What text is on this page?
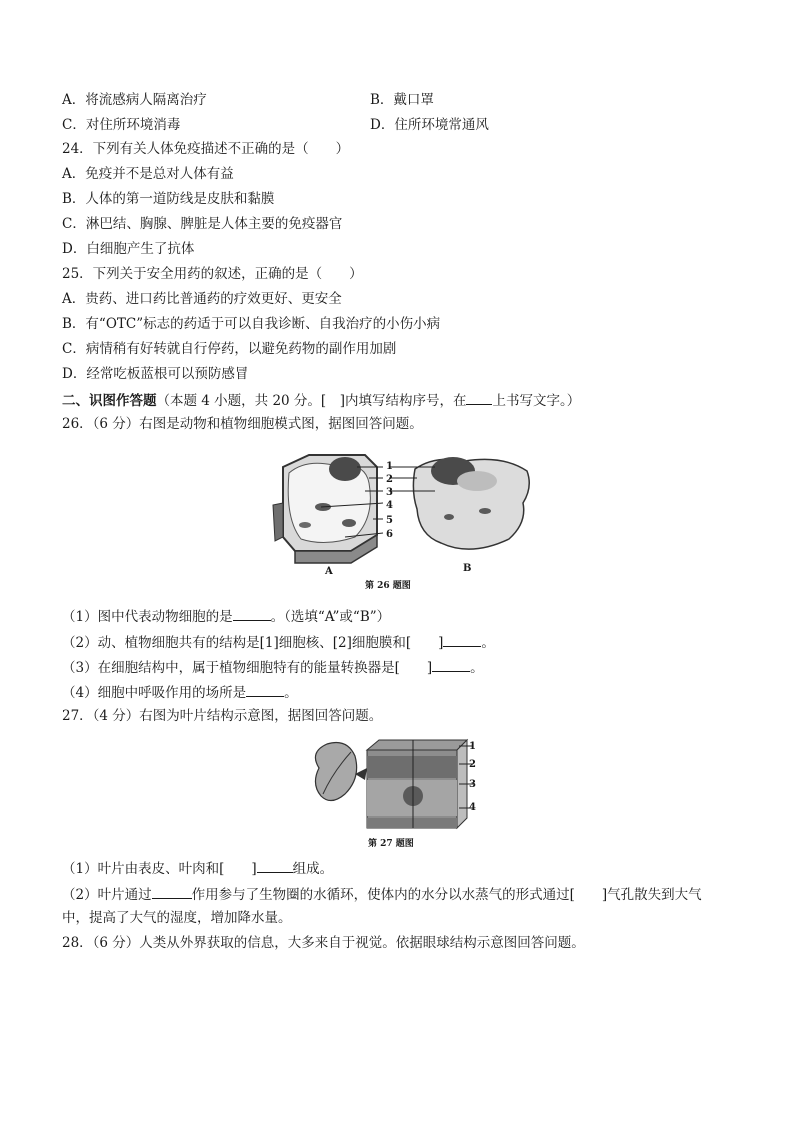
A．将流感病人隔离治疗	B．戴口罩
C．对住所环境消毒	D．住所环境常通风
24．下列有关人体免疫描述不正确的是（　　）
A．免疫并不是总对人体有益
B．人体的第一道防线是皮肤和黏膜
C．淋巴结、胸腺、脾脏是人体主要的免疫器官
D．白细胞产生了抗体
25．下列关于安全用药的叙述，正确的是（　　）
A．贵药、进口药比普通药的疗效更好、更安全
B．有“OTC”标志的药适于可以自我诊断、自我治疗的小伤小病
C．病情稍有好转就自行停药，以避免药物的副作用加剧
D．经常吃板蓝根可以预防感冒
二、识图作答题（本题 4 小题，共 20 分。[　]内填写结构序号，在 上书写文字。）
26．（6 分）右图是动物和植物细胞模式图，据图回答问题。
1
2
3
4
5
6
A	B
第 26 题图
（1）图中代表动物细胞的是	。（选填“A”或“B”）
（2）动、植物细胞共有的结构是[1]细胞核、[2]细胞膜和[　　]	。
（3）在细胞结构中，属于植物细胞特有的能量转换器是[　　]	。
（4）细胞中呼吸作用的场所是	。
27．（4 分）右图为叶片结构示意图，据图回答问题。
1
2
3
4
第 27 题图
（1）叶片由表皮、叶肉和[　　]	组成。
（2）叶片通过	作用参与了生物圈的水循环，使体内的水分以水蒸气的形式通过[　　]气孔散失到大气
中，提高了大气的湿度，增加降水量。
28．（6 分）人类从外界获取的信息，大多来自于视觉。依据眼球结构示意图回答问题。
